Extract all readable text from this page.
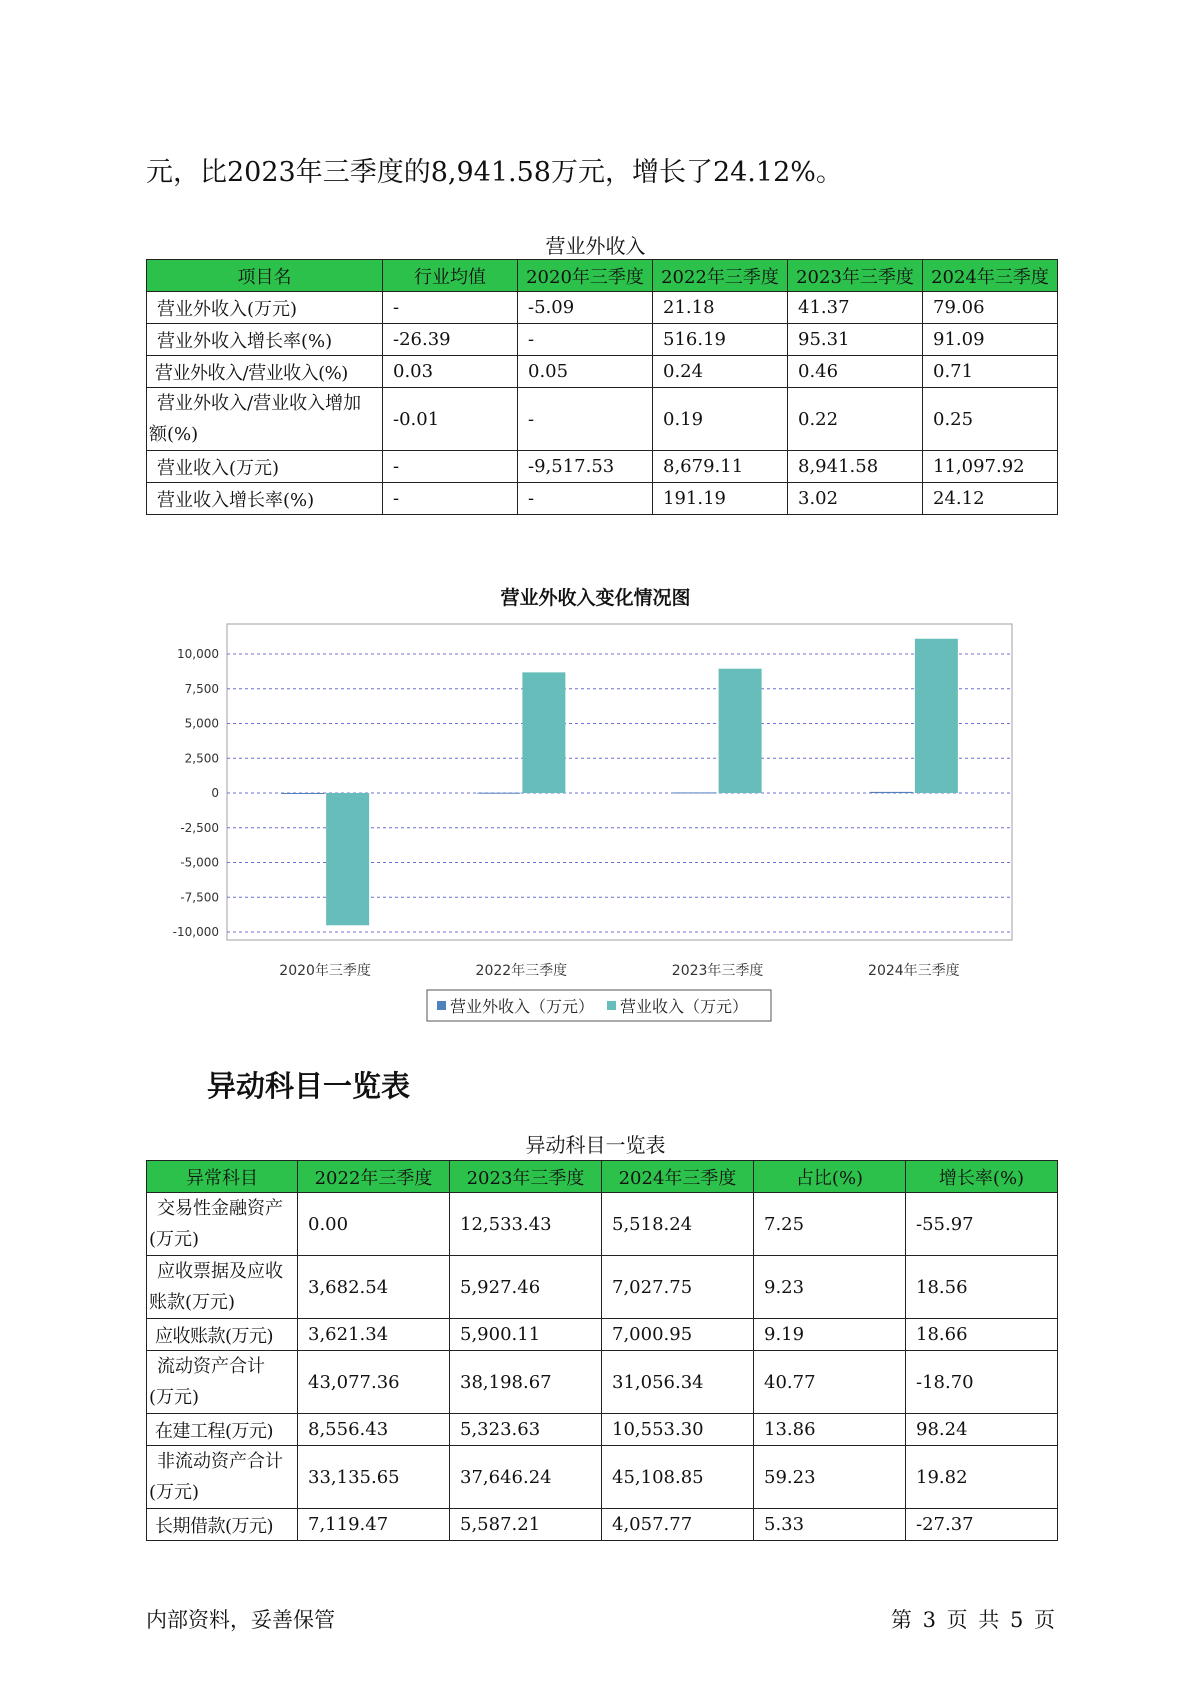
元，比2023年三季度的8,941.58万元，增长了24.12%。
营业外收入
项目名	行业均值	2020年三季度	2022年三季度	2023年三季度	2024年三季度
营业外收入(万元)	-	-5.09	21.18	41.37	79.06
营业外收入增长率(%)	-26.39	-	516.19	95.31	91.09
营业外收入/营业收入(%)	0.03	0.05	0.24	0.46	0.71
营业外收入/营业收入增加额(%)	-0.01	-	0.19	0.22	0.25
营业收入(万元)	-	-9,517.53	8,679.11	8,941.58	11,097.92
营业收入增长率(%)	-	-	191.19	3.02	24.12
营业外收入变化情况图
10,000
7,500
5,000
2,500
0
-2,500
-5,000
-7,500
-10,000
2020年三季度	2022年三季度	2023年三季度	2024年三季度
营业外收入（万元） 营业收入（万元）
异动科目一览表
异动科目一览表
异常科目	2022年三季度	2023年三季度	2024年三季度	占比(%)	增长率(%)
交易性金融资产(万元)	0.00	12,533.43	5,518.24	7.25	-55.97
应收票据及应收账款(万元)	3,682.54	5,927.46	7,027.75	9.23	18.56
应收账款(万元)	3,621.34	5,900.11	7,000.95	9.19	18.66
流动资产合计(万元)	43,077.36	38,198.67	31,056.34	40.77	-18.70
在建工程(万元)	8,556.43	5,323.63	10,553.30	13.86	98.24
非流动资产合计(万元)	33,135.65	37,646.24	45,108.85	59.23	19.82
长期借款(万元)	7,119.47	5,587.21	4,057.77	5.33	-27.37
内部资料，妥善保管	第 3 页 共 5 页
